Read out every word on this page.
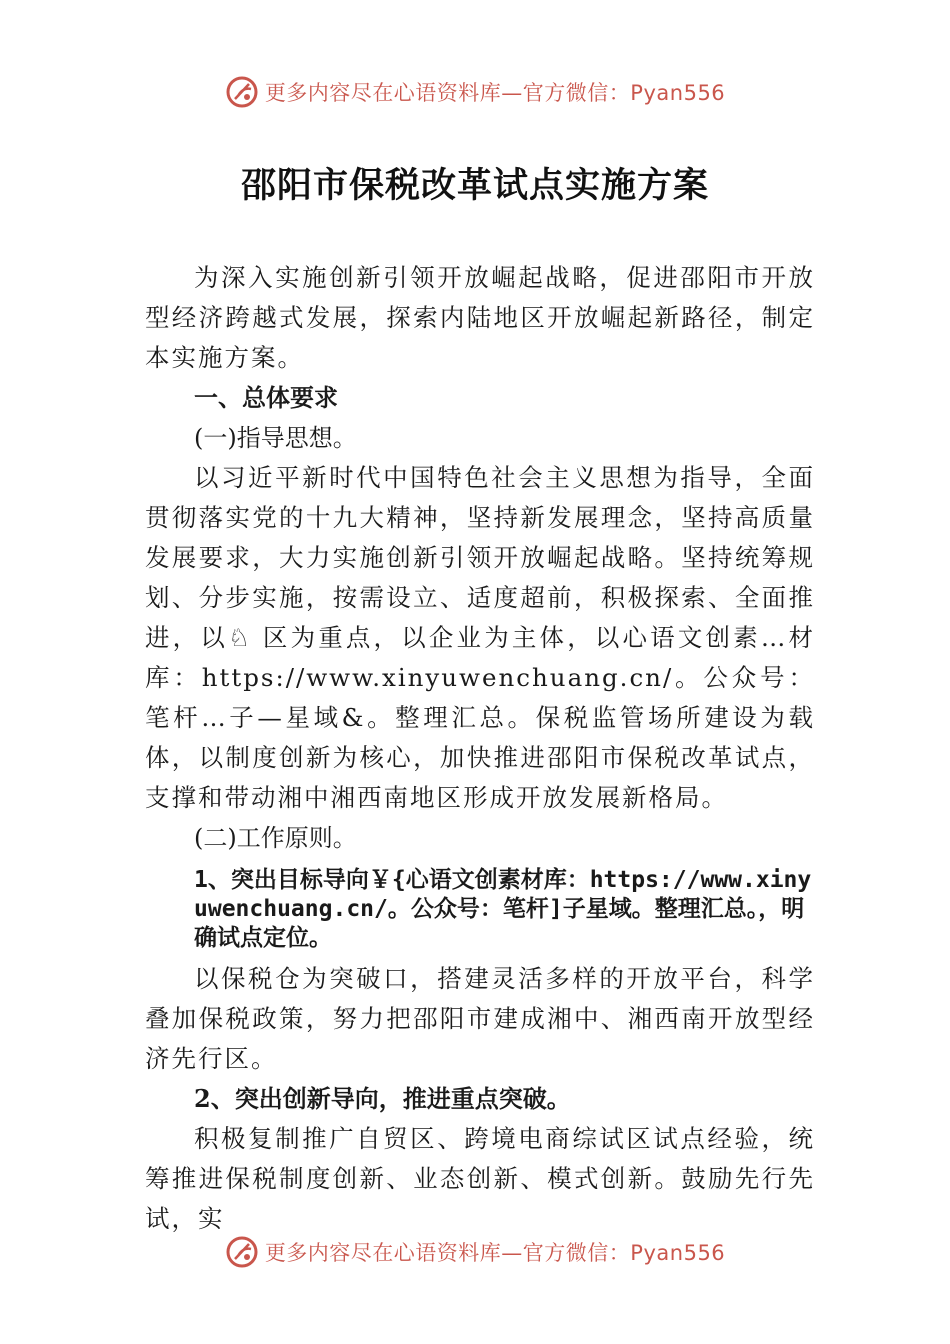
更多内容尽在心语资料库—官方微信：Pyan556
邵阳市保税改革试点实施方案

为深入实施创新引领开放崛起战略，促进邵阳市开放型经济跨越式发展，探索内陆地区开放崛起新路径，制定本实施方案。

一、总体要求

(一)指导思想。

以习近平新时代中国特色社会主义思想为指导，全面贯彻落实党的十九大精神，坚持新发展理念，坚持高质量发展要求，大力实施创新引领开放崛起战略。坚持统筹规划、分步实施，按需设立、适度超前，积极探索、全面推进，以♘ 区为重点，以企业为主体，以心语文创素…材库：https://www.xinyuwenchuang.cn/。公众号：笔杆…子—星域&。整理汇总。保税监管场所建设为载体，以制度创新为核心，加快推进邵阳市保税改革试点，支撑和带动湘中湘西南地区形成开放发展新格局。

(二)工作原则。

1、突出目标导向￥{心语文创素材库：https://www.xinyuwenchuang.cn/。公众号：笔杆]子星域。整理汇总。，明确试点定位。

以保税仓为突破口，搭建灵活多样的开放平台，科学叠加保税政策，努力把邵阳市建成湘中、湘西南开放型经济先行区。

2、突出创新导向，推进重点突破。

积极复制推广自贸区、跨境电商综试区试点经验，统筹推进保税制度创新、业态创新、模式创新。鼓励先行先试，实

更多内容尽在心语资料库—官方微信：Pyan556
